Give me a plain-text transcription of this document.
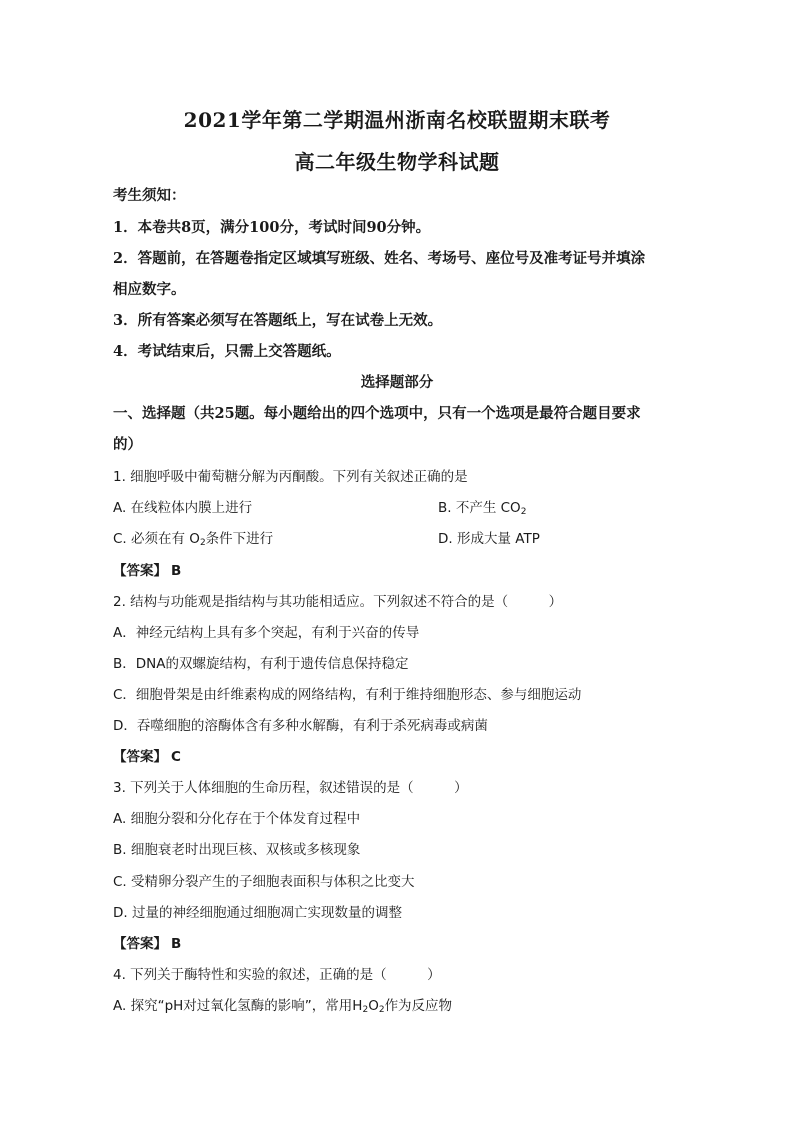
2021学年第二学期温州浙南名校联盟期末联考
高二年级生物学科试题
考生须知：
1．本卷共8页，满分100分，考试时间90分钟。
2．答题前，在答题卷指定区域填写班级、姓名、考场号、座位号及准考证号并填涂
相应数字。
3．所有答案必须写在答题纸上，写在试卷上无效。
4．考试结束后，只需上交答题纸。
选择题部分
一、选择题（共25题。每小题给出的四个选项中，只有一个选项是最符合题目要求
的）
1. 细胞呼吸中葡萄糖分解为丙酮酸。下列有关叙述正确的是
A. 在线粒体内膜上进行	B. 不产生 $CO_2$
C. 必须在有 $O_2$条件下进行	D. 形成大量 ATP
【答案】 B
2. 结构与功能观是指结构与其功能相适应。下列叙述不符合的是（　　　）
A．神经元结构上具有多个突起，有利于兴奋的传导
B．DNA的双螺旋结构，有利于遗传信息保持稳定
C．细胞骨架是由纤维素构成的网络结构，有利于维持细胞形态、参与细胞运动
D．吞噬细胞的溶酶体含有多种水解酶，有利于杀死病毒或病菌
【答案】 C
3. 下列关于人体细胞的生命历程，叙述错误的是（　　　）
A. 细胞分裂和分化存在于个体发育过程中
B. 细胞衰老时出现巨核、双核或多核现象
C. 受精卵分裂产生的子细胞表面积与体积之比变大
D. 过量的神经细胞通过细胞凋亡实现数量的调整
【答案】 B
4. 下列关于酶特性和实验的叙述，正确的是（　　　）
A. 探究“pH对过氧化氢酶的影响”，常用$H_2O_2$作为反应物
